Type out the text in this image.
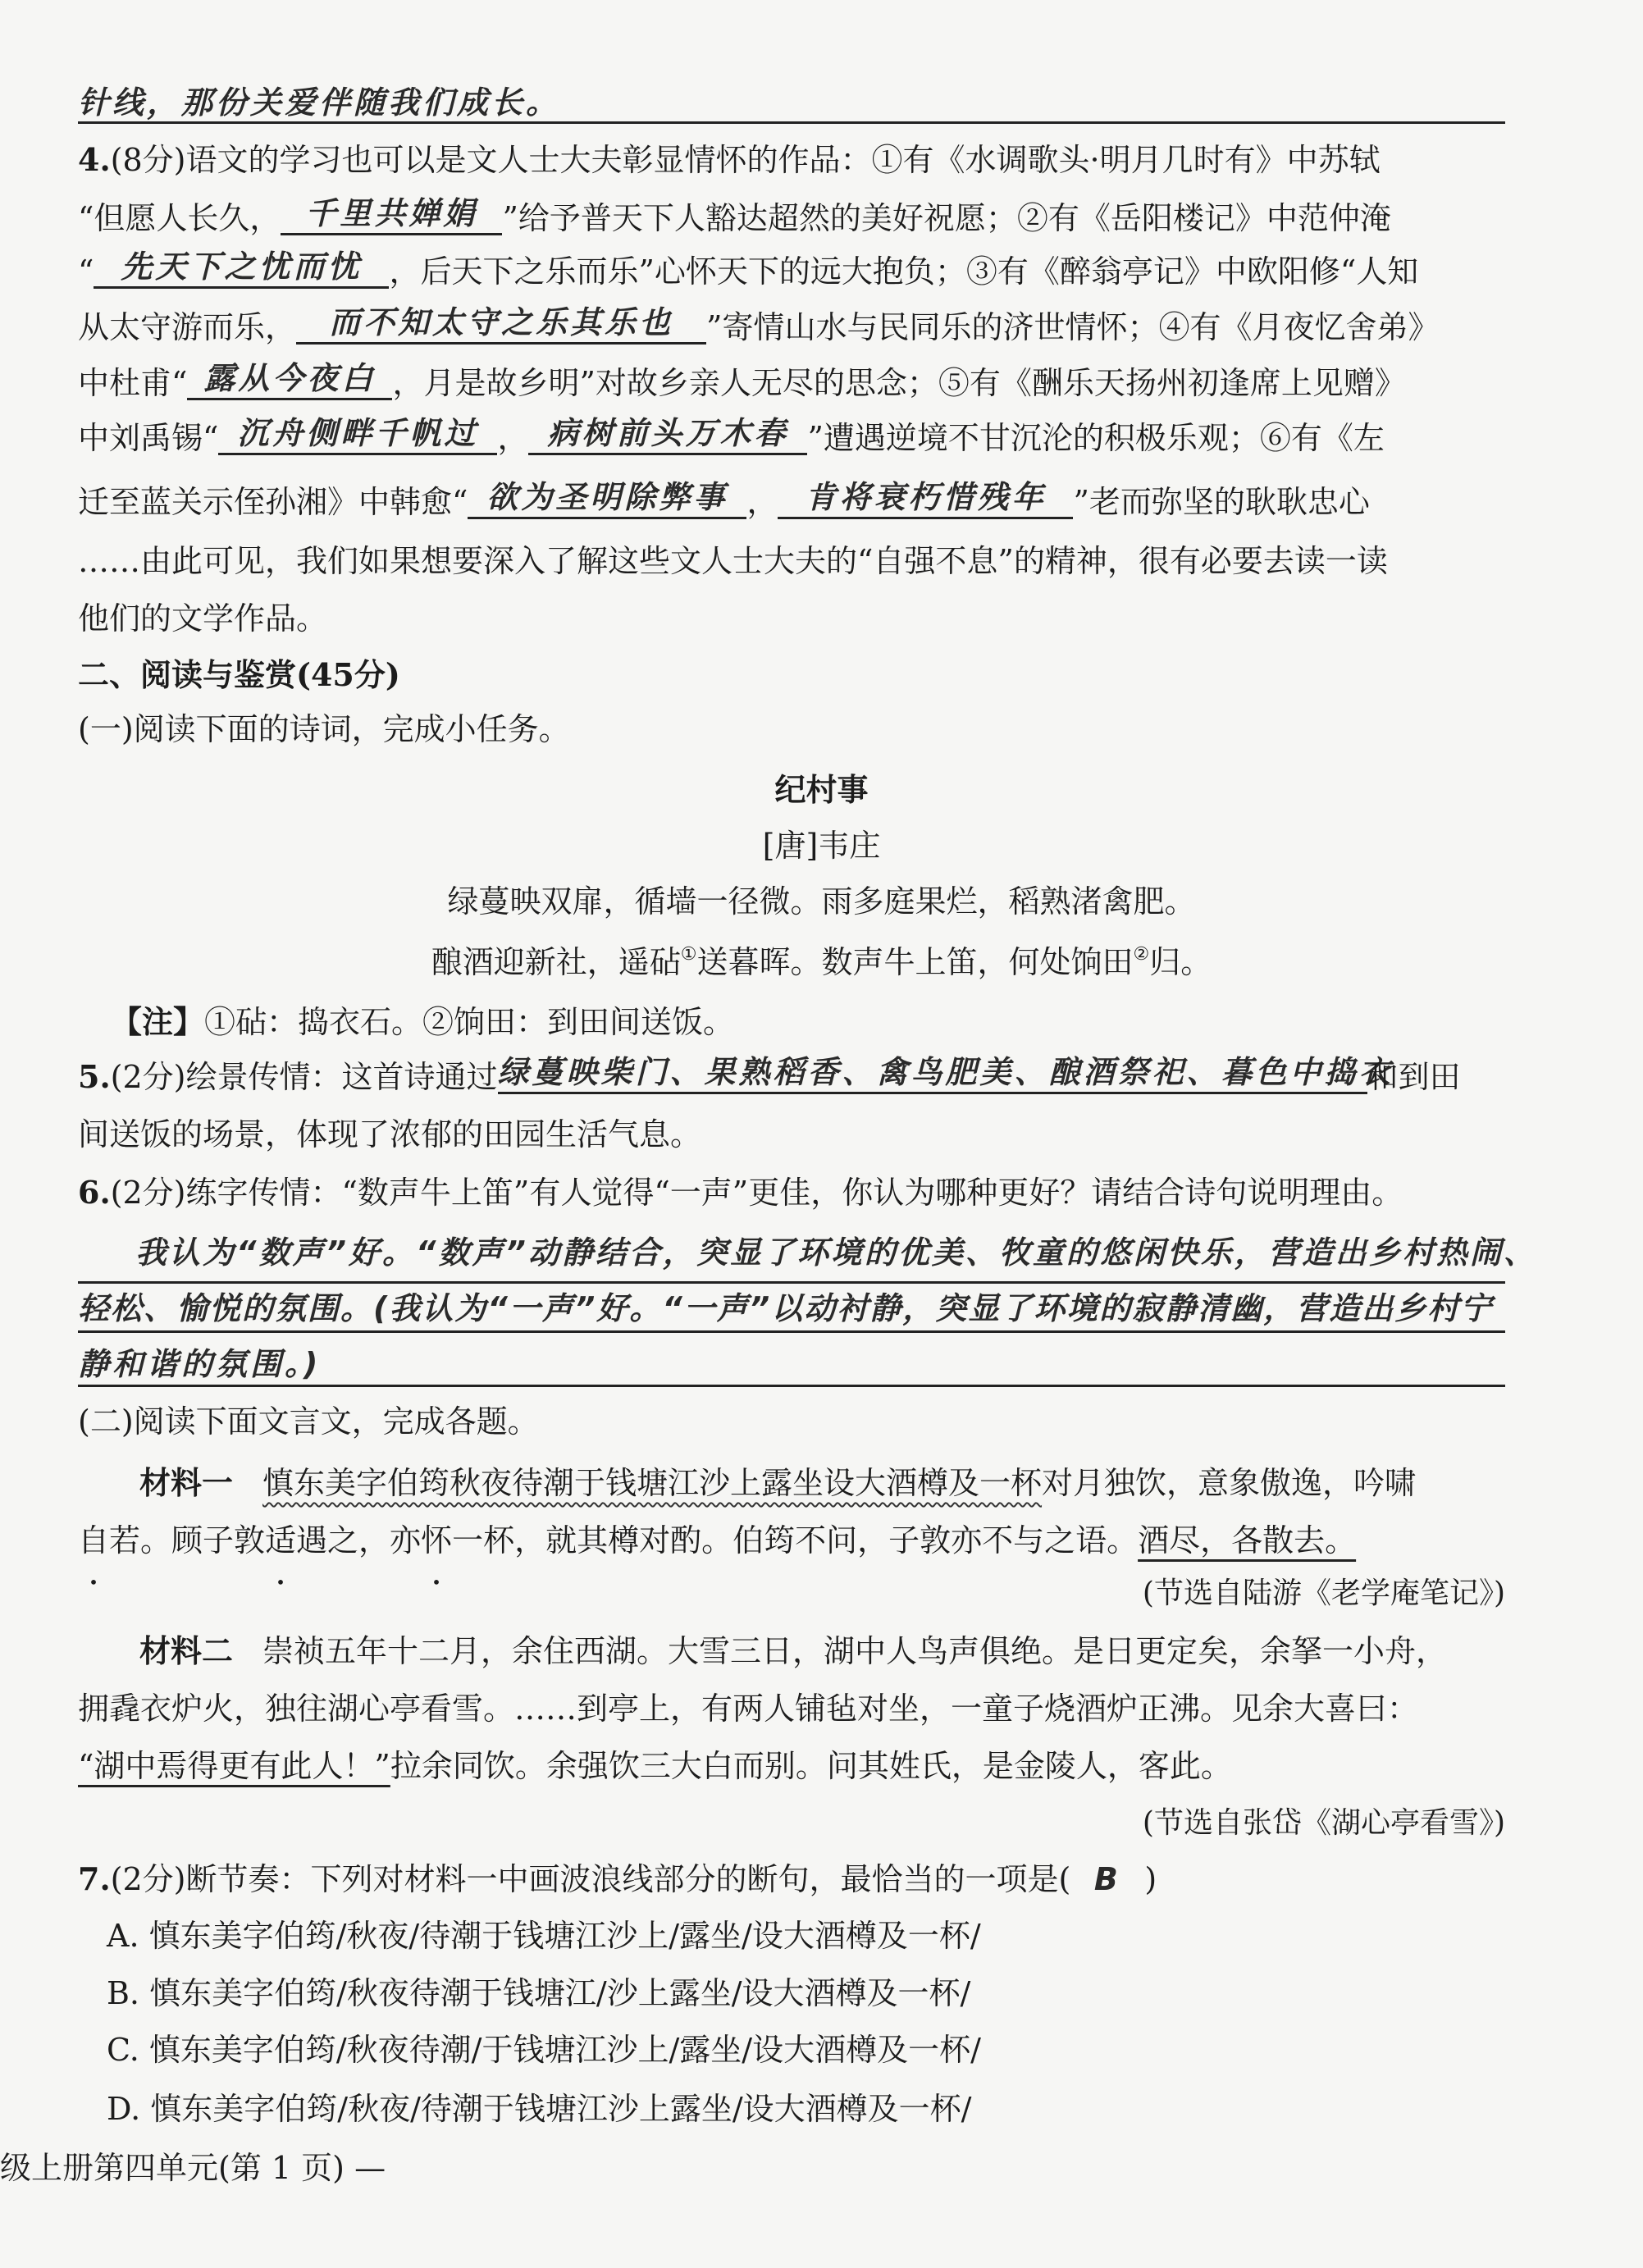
针线，那份关爱伴随我们成长。
4.(8分)语文的学习也可以是文人士大夫彰显情怀的作品：①有《水调歌头·明月几时有》中苏轼
“但愿人长久， 千里共婵娟 ”给予普天下人豁达超然的美好祝愿；②有《岳阳楼记》中范仲淹
“ 先天下之忧而忧 ，后天下之乐而乐”心怀天下的远大抱负；③有《醉翁亭记》中欧阳修“人知
从太守游而乐， 而不知太守之乐其乐也 ”寄情山水与民同乐的济世情怀；④有《月夜忆舍弟》
中杜甫“ 露从今夜白 ，月是故乡明”对故乡亲人无尽的思念；⑤有《酬乐天扬州初逢席上见赠》
中刘禹锡“ 沉舟侧畔千帆过 ， 病树前头万木春 ”遭遇逆境不甘沉沦的积极乐观；⑥有《左
迁至蓝关示侄孙湘》中韩愈“ 欲为圣明除弊事 ， 肯将衰朽惜残年 ”老而弥坚的耿耿忠心
……由此可见，我们如果想要深入了解这些文人士大夫的“自强不息”的精神，很有必要去读一读
他们的文学作品。
二、阅读与鉴赏(45分)
(一)阅读下面的诗词，完成小任务。
纪村事
[唐]韦庄
绿蔓映双扉，循墙一径微。雨多庭果烂，稻熟渚禽肥。
酿酒迎新社，遥砧①送暮晖。数声牛上笛，何处饷田②归。
【注】①砧：捣衣石。②饷田：到田间送饭。
5.(2分)绘景传情：这首诗通过绿蔓映柴门、果熟稻香、禽鸟肥美、酿酒祭祀、暮色中捣衣和到田
间送饭的场景，体现了浓郁的田园生活气息。
6.(2分)练字传情：“数声牛上笛”有人觉得“一声”更佳，你认为哪种更好？请结合诗句说明理由。
我认为“数声”好。“数声”动静结合，突显了环境的优美、牧童的悠闲快乐，营造出乡村热闹、
轻松、愉悦的氛围。(我认为“一声”好。“一声”以动衬静，突显了环境的寂静清幽，营造出乡村宁
静和谐的氛围。)
(二)阅读下面文言文，完成各题。
材料一 慎东美字伯筠秋夜待潮于钱塘江沙上露坐设大酒樽及一杯对月独饮，意象傲逸，吟啸
自若。顾子敦适遇之，亦怀一杯，就其樽对酌。伯筠不问，子敦亦不与之语。酒尽，各散去。
(节选自陆游《老学庵笔记》)
材料二 崇祯五年十二月，余住西湖。大雪三日，湖中人鸟声俱绝。是日更定矣，余拏一小舟，
拥毳衣炉火，独往湖心亭看雪。……到亭上，有两人铺毡对坐，一童子烧酒炉正沸。见余大喜曰：
“湖中焉得更有此人！”拉余同饮。余强饮三大白而别。问其姓氏，是金陵人，客此。
(节选自张岱《湖心亭看雪》)
7.(2分)断节奏：下列对材料一中画波浪线部分的断句，最恰当的一项是( B )
A. 慎东美字伯筠/秋夜/待潮于钱塘江沙上/露坐/设大酒樽及一杯/
B. 慎东美字伯筠/秋夜待潮于钱塘江/沙上露坐/设大酒樽及一杯/
C. 慎东美字伯筠/秋夜待潮/于钱塘江沙上/露坐/设大酒樽及一杯/
D. 慎东美字伯筠/秋夜/待潮于钱塘江沙上露坐/设大酒樽及一杯/
级上册第四单元(第 1 页) —
